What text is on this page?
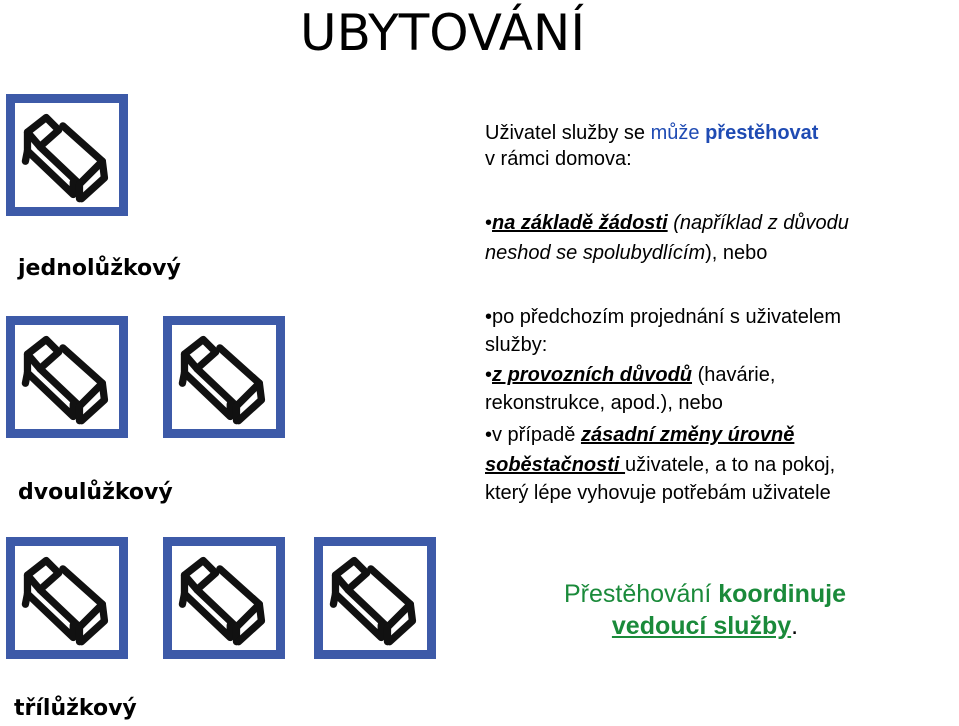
UBYTOVÁNÍ
jednolůžkový
dvoulůžkový
třílůžkový
Uživatel služby se může přestěhovat
v rámci domova:
•na základě žádosti (například z důvodu
neshod se spolubydlícím), nebo
•po předchozím projednání s uživatelem
služby:
•z provozních důvodů (havárie,
rekonstrukce, apod.), nebo
•v případě zásadní změny úrovně
soběstačnosti uživatele, a to na pokoj,
který lépe vyhovuje potřebám uživatele
Přestěhování koordinuje
vedoucí služby.
